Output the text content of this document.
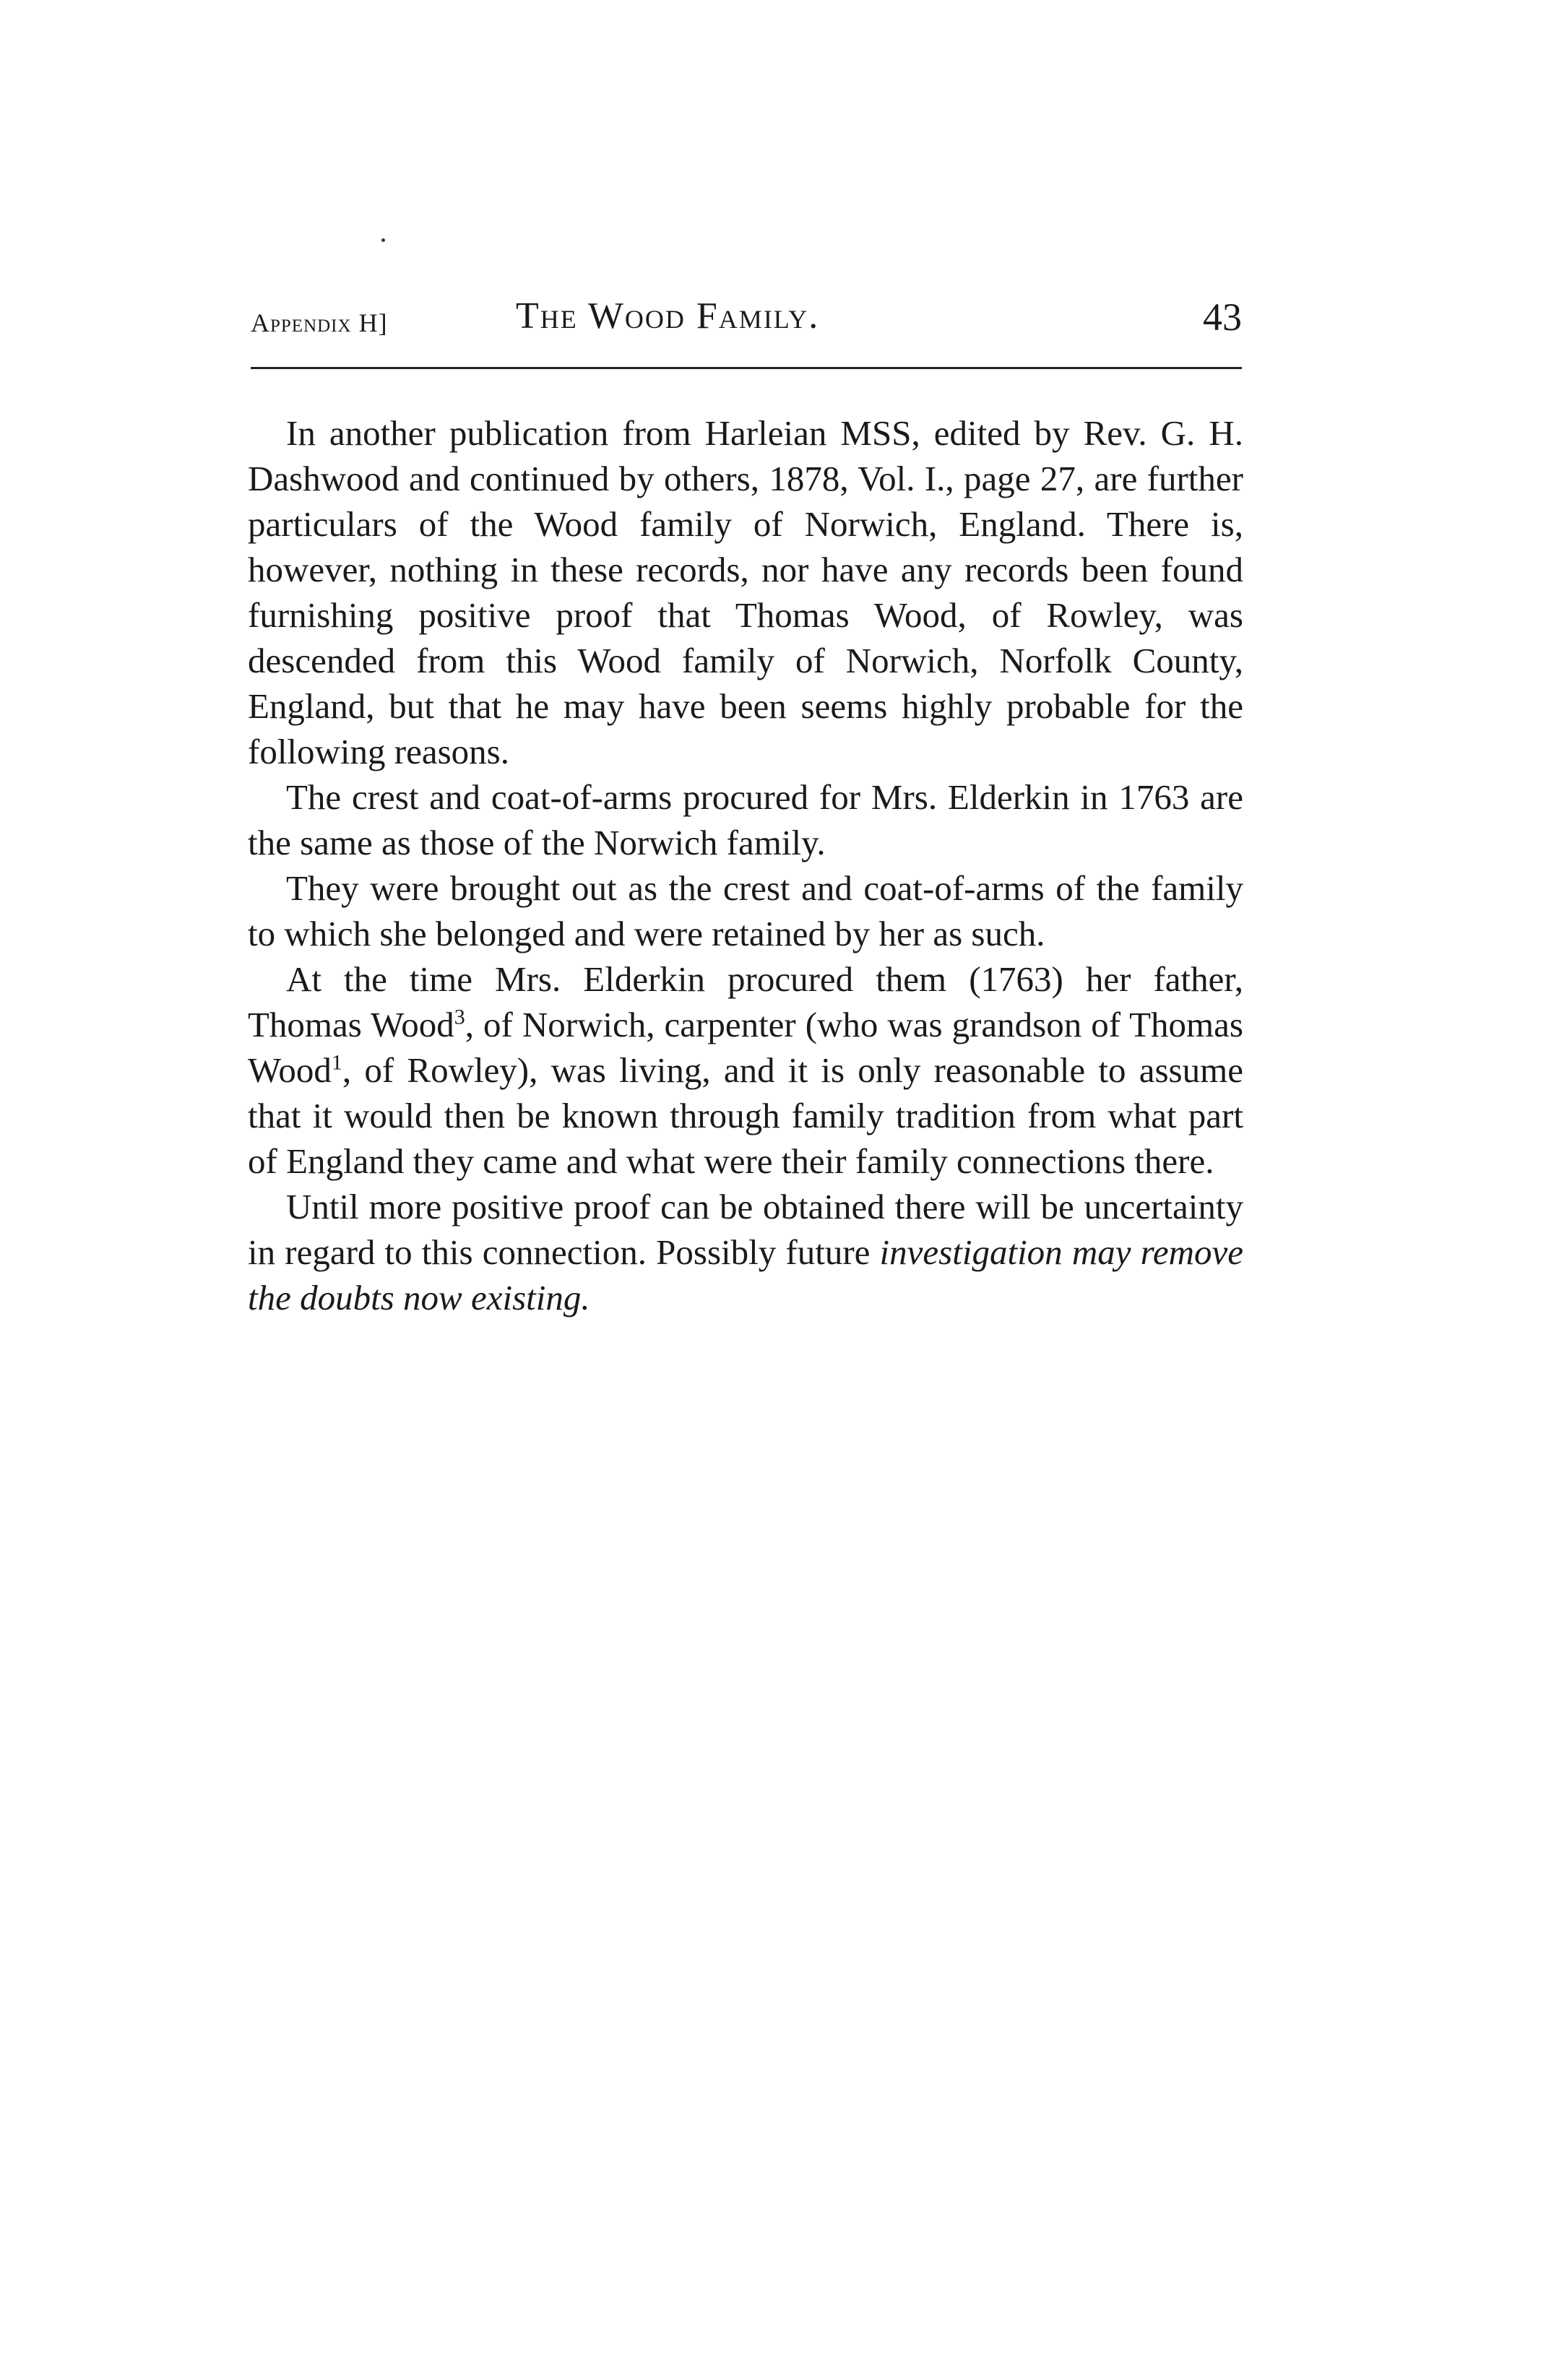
Appendix H]	The Wood Family.	43

In another publication from Harleian MSS, edited by Rev. G. H. Dashwood and continued by others, 1878, Vol. I., page 27, are further particulars of the Wood family of Norwich, England. There is, however, nothing in these records, nor have any records been found furnishing positive proof that Thomas Wood, of Rowley, was descended from this Wood family of Norwich, Norfolk County, England, but that he may have been seems highly probable for the following reasons.

The crest and coat-of-arms procured for Mrs. Elderkin in 1763 are the same as those of the Norwich family.

They were brought out as the crest and coat-of-arms of the family to which she belonged and were retained by her as such.

At the time Mrs. Elderkin procured them (1763) her father, Thomas Wood$^3$, of Norwich, carpenter (who was grandson of Thomas Wood$^1$, of Rowley), was living, and it is only reasonable to assume that it would then be known through family tradition from what part of England they came and what were their family connections there.

Until more positive proof can be obtained there will be uncertainty in regard to this connection. Possibly future investigation may remove the doubts now existing.
